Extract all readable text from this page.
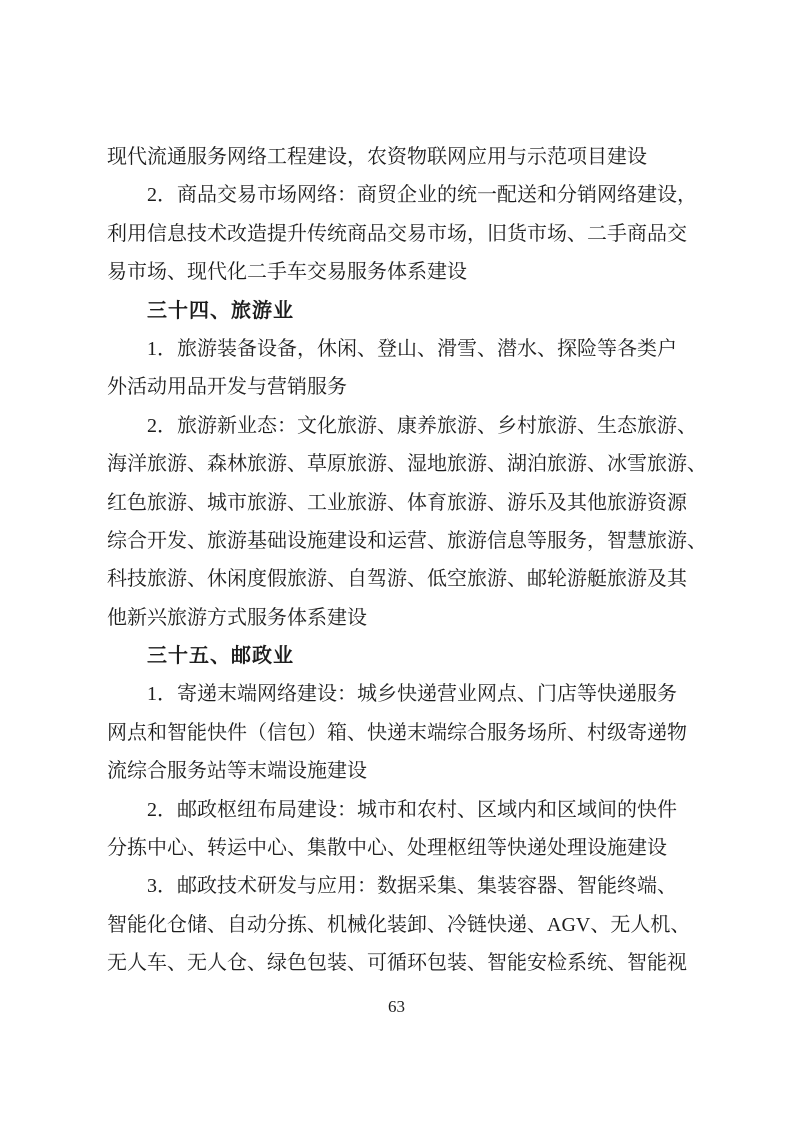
现代流通服务网络工程建设，农资物联网应用与示范项目建设
2．商品交易市场网络：商贸企业的统一配送和分销网络建设，
利用信息技术改造提升传统商品交易市场，旧货市场、二手商品交
易市场、现代化二手车交易服务体系建设
三十四、旅游业
1．旅游装备设备，休闲、登山、滑雪、潜水、探险等各类户
外活动用品开发与营销服务
2．旅游新业态：文化旅游、康养旅游、乡村旅游、生态旅游、
海洋旅游、森林旅游、草原旅游、湿地旅游、湖泊旅游、冰雪旅游、
红色旅游、城市旅游、工业旅游、体育旅游、游乐及其他旅游资源
综合开发、旅游基础设施建设和运营、旅游信息等服务，智慧旅游、
科技旅游、休闲度假旅游、自驾游、低空旅游、邮轮游艇旅游及其
他新兴旅游方式服务体系建设
三十五、邮政业
1．寄递末端网络建设：城乡快递营业网点、门店等快递服务
网点和智能快件（信包）箱、快递末端综合服务场所、村级寄递物
流综合服务站等末端设施建设
2．邮政枢纽布局建设：城市和农村、区域内和区域间的快件
分拣中心、转运中心、集散中心、处理枢纽等快递处理设施建设
3．邮政技术研发与应用：数据采集、集装容器、智能终端、
智能化仓储、自动分拣、机械化装卸、冷链快递、AGV、无人机、
无人车、无人仓、绿色包装、可循环包装、智能安检系统、智能视
63
